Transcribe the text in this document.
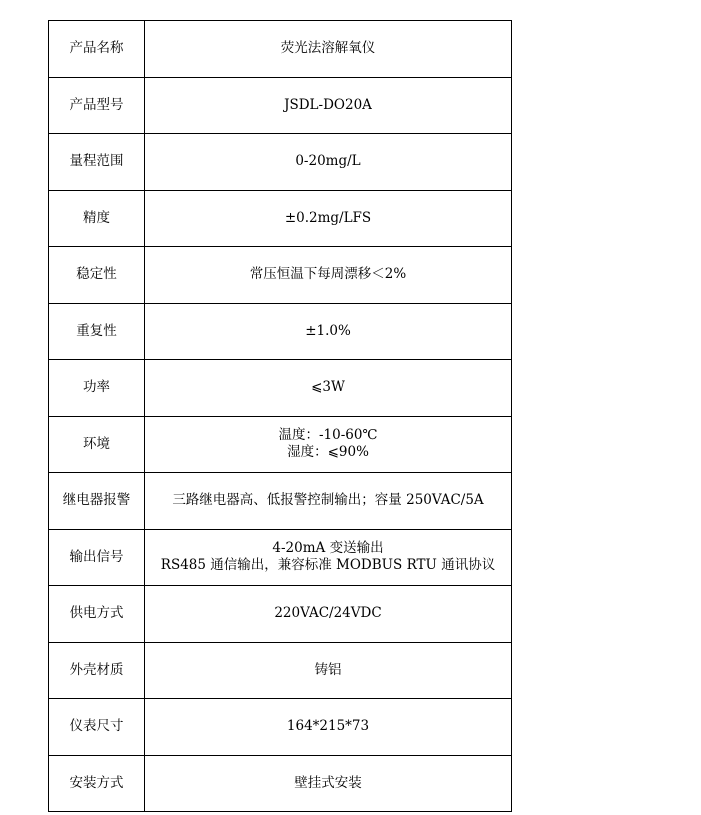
产品名称	荧光法溶解氧仪

产品型号	JSDL-DO20A

量程范围	0-20mg/L

精度	±0.2mg/LFS

稳定性	常压恒温下每周漂移＜2%

重复性	±1.0%

功率	⩽3W

环境	温度：-10-60℃
湿度：⩽90%

继电器报警	三路继电器高、低报警控制输出；容量 250VAC/5A

输出信号	4-20mA 变送输出
RS485 通信输出，兼容标准 MODBUS RTU 通讯协议

供电方式	220VAC/24VDC

外壳材质	铸铝

仪表尺寸	164*215*73

安装方式	壁挂式安装
